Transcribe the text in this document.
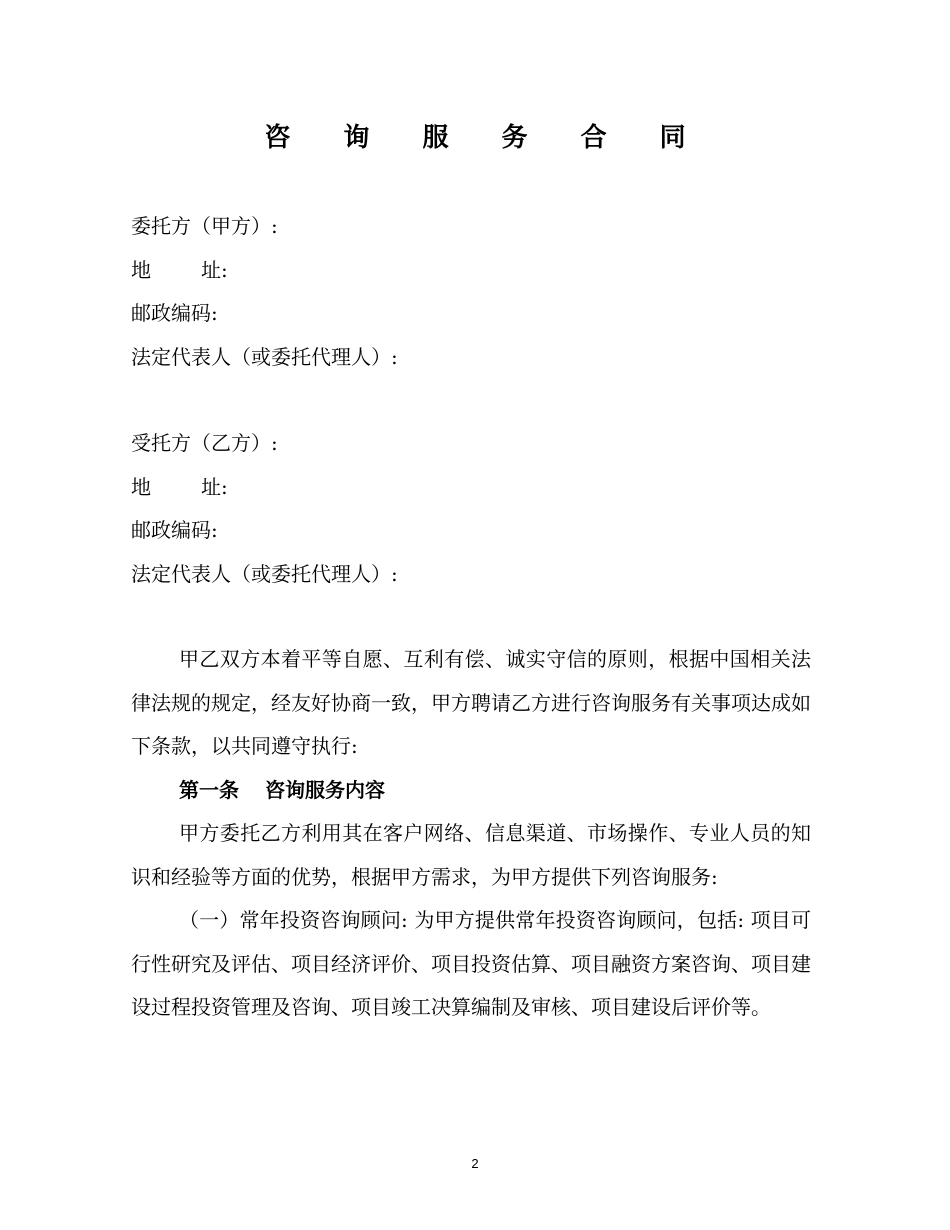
咨 询 服 务 合 同
委托方（甲方）:
地	址:
邮政编码:
法定代表人（或委托代理人）:
受托方（乙方）:
地	址:
邮政编码:
法定代表人（或委托代理人）:

甲乙双方本着平等自愿、互利有偿、诚实守信的原则，根据中国相关法律法规的规定，经友好协商一致，甲方聘请乙方进行咨询服务有关事项达成如下条款，以共同遵守执行:

第一条 咨询服务内容

甲方委托乙方利用其在客户网络、信息渠道、市场操作、专业人员的知识和经验等方面的优势，根据甲方需求，为甲方提供下列咨询服务:

（一）常年投资咨询顾问: 为甲方提供常年投资咨询顾问，包括: 项目可行性研究及评估、项目经济评价、项目投资估算、项目融资方案咨询、项目建设过程投资管理及咨询、项目竣工决算编制及审核、项目建设后评价等。

2
